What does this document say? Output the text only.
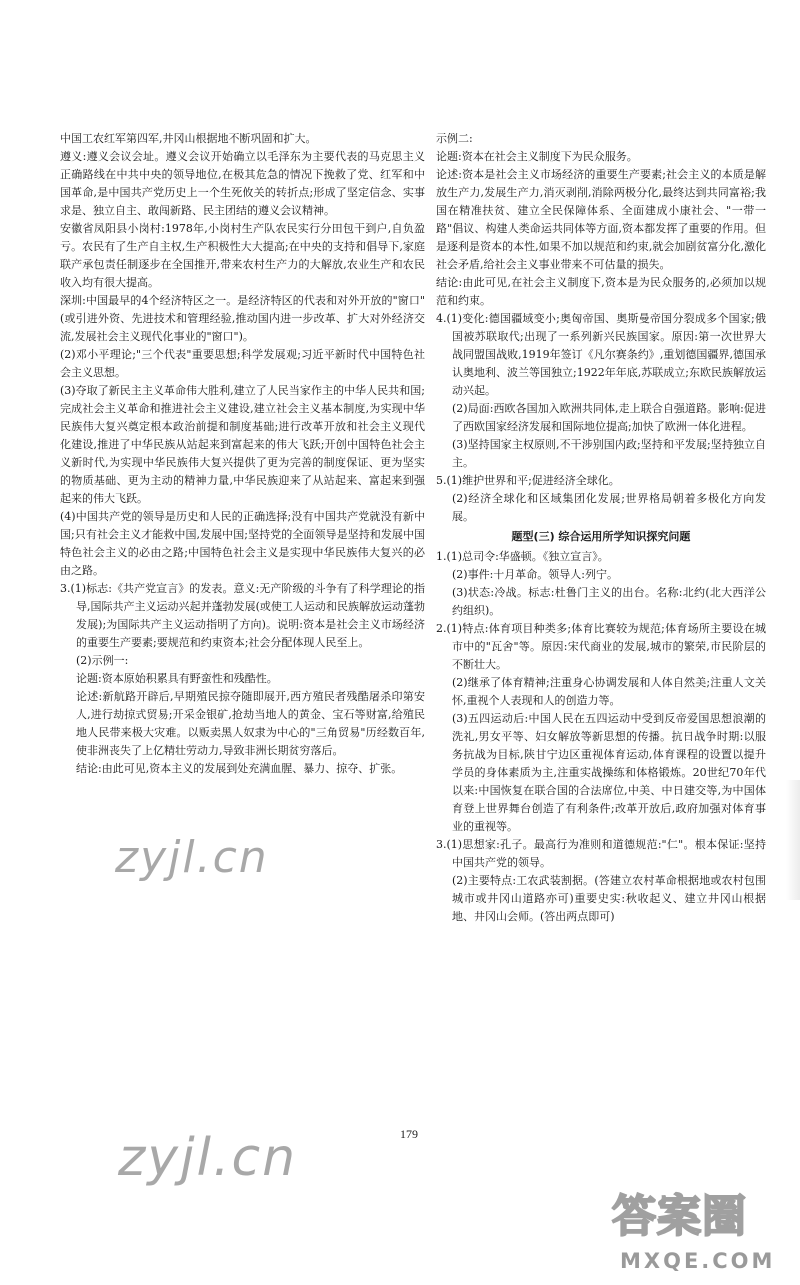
中国工农红军第四军,井冈山根据地不断巩固和扩大。

遵义:遵义会议会址。遵义会议开始确立以毛泽东为主要代表的马克思主义正确路线在中共中央的领导地位,在极其危急的情况下挽救了党、红军和中国革命,是中国共产党历史上一个生死攸关的转折点;形成了坚定信念、实事求是、独立自主、敢闯新路、民主团结的遵义会议精神。

安徽省凤阳县小岗村:1978年,小岗村生产队农民实行分田包干到户,自负盈亏。农民有了生产自主权,生产积极性大大提高;在中央的支持和倡导下,家庭联产承包责任制逐步在全国推开,带来农村生产力的大解放,农业生产和农民收入均有很大提高。

深圳:中国最早的4个经济特区之一。是经济特区的代表和对外开放的"窗口"(或引进外资、先进技术和管理经验,推动国内进一步改革、扩大对外经济交流,发展社会主义现代化事业的"窗口")。

(2)邓小平理论;"三个代表"重要思想;科学发展观;习近平新时代中国特色社会主义思想。

(3)夺取了新民主主义革命伟大胜利,建立了人民当家作主的中华人民共和国;完成社会主义革命和推进社会主义建设,建立社会主义基本制度,为实现中华民族伟大复兴奠定根本政治前提和制度基础;进行改革开放和社会主义现代化建设,推进了中华民族从站起来到富起来的伟大飞跃;开创中国特色社会主义新时代,为实现中华民族伟大复兴提供了更为完善的制度保证、更为坚实的物质基础、更为主动的精神力量,中华民族迎来了从站起来、富起来到强起来的伟大飞跃。

(4)中国共产党的领导是历史和人民的正确选择;没有中国共产党就没有新中国;只有社会主义才能救中国,发展中国;坚持党的全面领导是坚持和发展中国特色社会主义的必由之路;中国特色社会主义是实现中华民族伟大复兴的必由之路。

3.(1)标志:《共产党宣言》的发表。意义:无产阶级的斗争有了科学理论的指导,国际共产主义运动兴起并蓬勃发展(或使工人运动和民族解放运动蓬勃发展);为国际共产主义运动指明了方向)。说明:资本是社会主义市场经济的重要生产要素;要规范和约束资本;社会分配体现人民至上。

(2)示例一:

论题:资本原始积累具有野蛮性和残酷性。

论述:新航路开辟后,早期殖民掠夺随即展开,西方殖民者残酷屠杀印第安人,进行劫掠式贸易;开采金银矿,抢劫当地人的黄金、宝石等财富,给殖民地人民带来极大灾难。以贩卖黑人奴隶为中心的"三角贸易"历经数百年,使非洲丧失了上亿精壮劳动力,导致非洲长期贫穷落后。

结论:由此可见,资本主义的发展到处充满血腥、暴力、掠夺、扩张。

示例二:

论题:资本在社会主义制度下为民众服务。

论述:资本是社会主义市场经济的重要生产要素;社会主义的本质是解放生产力,发展生产力,消灭剥削,消除两极分化,最终达到共同富裕;我国在精准扶贫、建立全民保障体系、全面建成小康社会、"一带一路"倡议、构建人类命运共同体等方面,资本都发挥了重要的作用。但是逐利是资本的本性,如果不加以规范和约束,就会加剧贫富分化,激化社会矛盾,给社会主义事业带来不可估量的损失。

结论:由此可见,在社会主义制度下,资本是为民众服务的,必须加以规范和约束。

4.(1)变化:德国疆域变小;奥匈帝国、奥斯曼帝国分裂成多个国家;俄国被苏联取代;出现了一系列新兴民族国家。原因:第一次世界大战同盟国战败,1919年签订《凡尔赛条约》,重划德国疆界,德国承认奥地利、波兰等国独立;1922年年底,苏联成立;东欧民族解放运动兴起。

(2)局面:西欧各国加入欧洲共同体,走上联合自强道路。影响:促进了西欧国家经济发展和国际地位提高;加快了欧洲一体化进程。

(3)坚持国家主权原则,不干涉别国内政;坚持和平发展;坚持独立自主。

5.(1)维护世界和平;促进经济全球化。

(2)经济全球化和区域集团化发展;世界格局朝着多极化方向发展。

题型(三) 综合运用所学知识探究问题

1.(1)总司令:华盛顿。《独立宣言》。

(2)事件:十月革命。领导人:列宁。

(3)状态:冷战。标志:杜鲁门主义的出台。名称:北约(北大西洋公约组织)。

2.(1)特点:体育项目种类多;体育比赛较为规范;体育场所主要设在城市中的"瓦舍"等。原因:宋代商业的发展,城市的繁荣,市民阶层的不断壮大。

(2)继承了体育精神;注重身心协调发展和人体自然美;注重人文关怀,重视个人表现和人的创造力等。

(3)五四运动后:中国人民在五四运动中受到反帝爱国思想浪潮的洗礼,男女平等、妇女解放等新思想的传播。抗日战争时期:以服务抗战为目标,陕甘宁边区重视体育运动,体育课程的设置以提升学员的身体素质为主,注重实战操练和体格锻炼。20世纪70年代以来:中国恢复在联合国的合法席位,中美、中日建交等,为中国体育登上世界舞台创造了有利条件;改革开放后,政府加强对体育事业的重视等。

3.(1)思想家:孔子。最高行为准则和道德规范:"仁"。根本保证:坚持中国共产党的领导。

(2)主要特点:工农武装割据。(答建立农村革命根据地或农村包围城市或井冈山道路亦可)重要史实:秋收起义、建立井冈山根据地、井冈山会师。(答出两点即可)

zyjl.cn
zyjl.cn	179
答案圈
MXQE.COM
